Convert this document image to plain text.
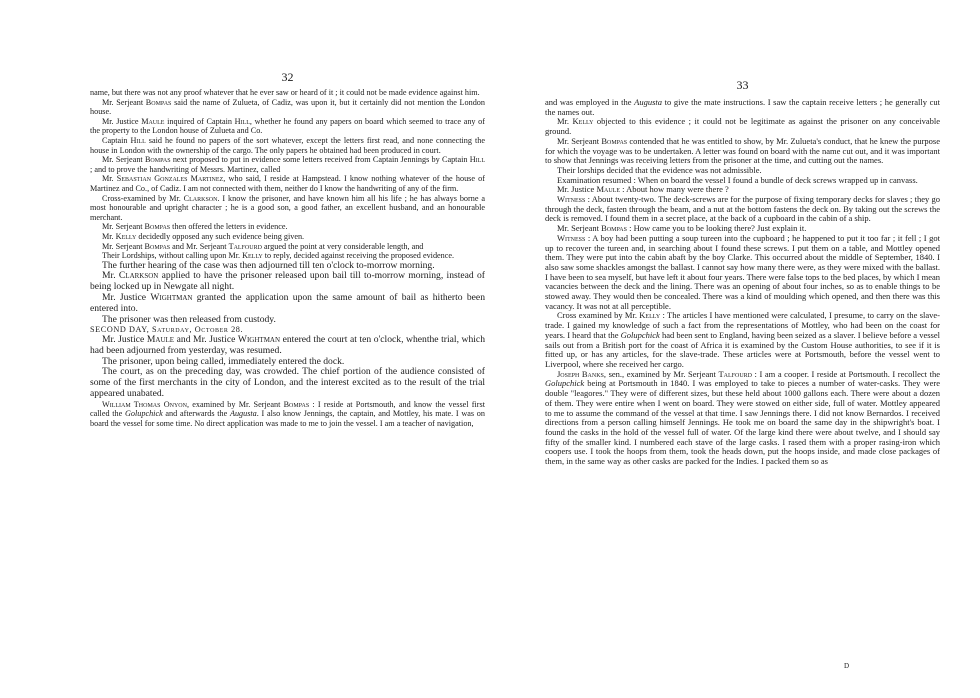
32

name, but there was not any proof whatever that he ever saw or heard of it ; it could not be made evidence against him.

Mr. Serjeant Bompas said the name of Zulueta, of Cadiz, was upon it, but it certainly did not mention the London house.

Mr. Justice Maule inquired of Captain Hill, whether he found any papers on board which seemed to trace any of the property to the London house of Zulueta and Co.

Captain Hill said he found no papers of the sort whatever, except the letters first read, and none connecting the house in London with the ownership of the cargo. The only papers he obtained had been produced in court.

Mr. Serjeant Bompas next proposed to put in evidence some letters received from Captain Jennings by Captain Hill ; and to prove the handwriting of Messrs. Martinez, called

Mr. Sebastian Gonzales Martinez, who said, I reside at Hampstead. I know nothing whatever of the house of Martinez and Co., of Cadiz. I am not connected with them, neither do I know the handwriting of any of the firm.

Cross-examined by Mr. Clarkson. I know the prisoner, and have known him all his life ; he has always borne a most honourable and upright character ; he is a good son, a good father, an excellent husband, and an honourable merchant.

Mr. Serjeant Bompas then offered the letters in evidence.

Mr. Kelly decidedly opposed any such evidence being given.

Mr. Serjeant Bompas and Mr. Serjeant Talfourd argued the point at very considerable length, and

Their Lordships, without calling upon Mr. Kelly to reply, decided against receiving the proposed evidence.

The further hearing of the case was then adjourned till ten o'clock to-morrow morning.

Mr. Clarkson applied to have the prisoner released upon bail till to-morrow morning, instead of being locked up in Newgate all night.

Mr. Justice Wightman granted the application upon the same amount of bail as hitherto been entered into.

The prisoner was then released from custody.

SECOND DAY, Saturday, October 28.

Mr. Justice Maule and Mr. Justice Wightman entered the court at ten o'clock, whenthe trial, which had been adjourned from yesterday, was resumed.

The prisoner, upon being called, immediately entered the dock.

The court, as on the preceding day, was crowded. The chief portion of the audience consisted of some of the first merchants in the city of London, and the interest excited as to the result of the trial appeared unabated.

William Thomas Onyon, examined by Mr. Serjeant Bompas : I reside at Portsmouth, and know the vessel first called the Golupchick and afterwards the Augusta. I also know Jennings, the captain, and Mottley, his mate. I was on board the vessel for some time. No direct application was made to me to join the vessel. I am a teacher of navigation,

33

and was employed in the Augusta to give the mate instructions. I saw the captain receive letters ; he generally cut the names out.

Mr. Kelly objected to this evidence ; it could not be legitimate as against the prisoner on any conceivable ground.

Mr. Serjeant Bompas contended that he was entitled to show, by Mr. Zulueta's conduct, that he knew the purpose for which the voyage was to be undertaken. A letter was found on board with the name cut out, and it was important to show that Jennings was receiving letters from the prisoner at the time, and cutting out the names.

Their lorships decided that the evidence was not admissible.

Examination resumed : When on board the vessel I found a bundle of deck screws wrapped up in canvass.

Mr. Justice Maule : About how many were there ?

Witness : About twenty-two. The deck-screws are for the purpose of fixing temporary decks for slaves ; they go through the deck, fasten through the beam, and a nut at the bottom fastens the deck on. By taking out the screws the deck is removed. I found them in a secret place, at the back of a cupboard in the cabin of a ship.

Mr. Serjeant Bompas : How came you to be looking there? Just explain it.

Witness : A boy had been putting a soup tureen into the cupboard ; he happened to put it too far ; it fell ; I got up to recover the tureen and, in searching about I found these screws. I put them on a table, and Mottley opened them. They were put into the cabin abaft by the boy Clarke. This occurred about the middle of September, 1840. I also saw some shackles amongst the ballast. I cannot say how many there were, as they were mixed with the ballast. I have been to sea myself, but have left it about four years. There were false tops to the bed places, by which I mean vacancies between the deck and the lining. There was an opening of about four inches, so as to enable things to be stowed away. They would then be concealed. There was a kind of moulding which opened, and then there was this vacancy. It was not at all perceptible.

Cross examined by Mr. Kelly : The articles I have mentioned were calculated, I presume, to carry on the slave-trade. I gained my knowledge of such a fact from the representations of Mottley, who had been on the coast for years. I heard that the Golupchick had been sent to England, having been seized as a slaver. I believe before a vessel sails out from a British port for the coast of Africa it is examined by the Custom House authorities, to see if it is fitted up, or has any articles, for the slave-trade. These articles were at Portsmouth, before the vessel went to Liverpool, where she received her cargo.

Joseph Banks, sen., examined by Mr. Serjeant Talfourd : I am a cooper. I reside at Portsmouth. I recollect the Golupchick being at Portsmouth in 1840. I was employed to take to pieces a number of water-casks. They were double "leagores." They were of different sizes, but these held about 1000 gallons each. There were about a dozen of them. They were entire when I went on board. They were stowed on either side, full of water. Mottley appeared to me to assume the command of the vessel at that time. I saw Jennings there. I did not know Bernardos. I received directions from a person calling himself Jennings. He took me on board the same day in the shipwright's boat. I found the casks in the hold of the vessel full of water. Of the large kind there were about twelve, and I should say fifty of the smaller kind. I numbered each stave of the large casks. I rased them with a proper rasing-iron which coopers use. I took the hoops from them, took the heads down, put the hoops inside, and made close packages of them, in the same way as other casks are packed for the Indies. I packed them so as

D
